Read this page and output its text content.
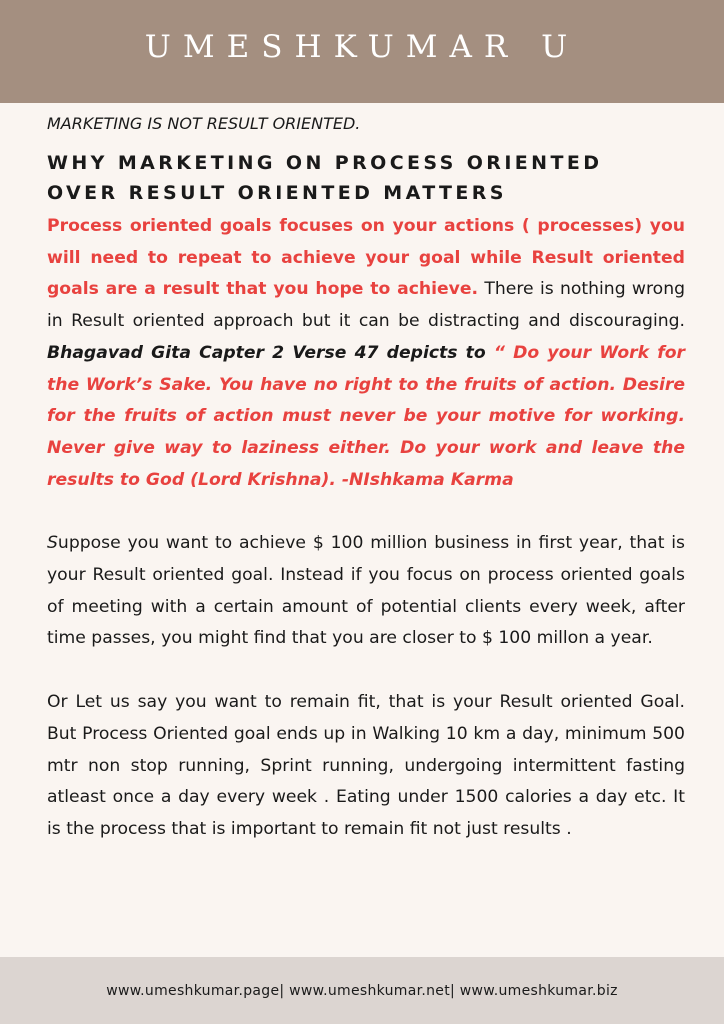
UMESHKUMAR U

MARKETING IS NOT RESULT ORIENTED.

WHY MARKETING ON PROCESS ORIENTED
OVER RESULT ORIENTED MATTERS

Process oriented goals focuses on your actions ( processes) you will need to repeat to achieve your goal while Result oriented goals are a result that you hope to achieve. There is nothing wrong in Result oriented approach but it can be distracting and discouraging. Bhagavad Gita Capter 2 Verse 47 depicts to “ Do your Work for the Work’s Sake. You have no right to the fruits of action. Desire for the fruits of action must never be your motive for working. Never give way to laziness either. Do your work and leave the results to God (Lord Krishna). -NIshkama Karma

Suppose you want to achieve $ 100 million business in first year, that is your Result oriented goal. Instead if you focus on process oriented goals of meeting with a certain amount of potential clients every week, after time passes, you might find that you are closer to $ 100 millon a year.

Or Let us say you want to remain fit, that is your Result oriented Goal. But Process Oriented goal ends up in Walking 10 km a day, minimum 500 mtr non stop running, Sprint running, undergoing intermittent fasting atleast once a day every week . Eating under 1500 calories a day etc. It is the process that is important to remain fit not just results .

www.umeshkumar.page| www.umeshkumar.net| www.umeshkumar.biz
